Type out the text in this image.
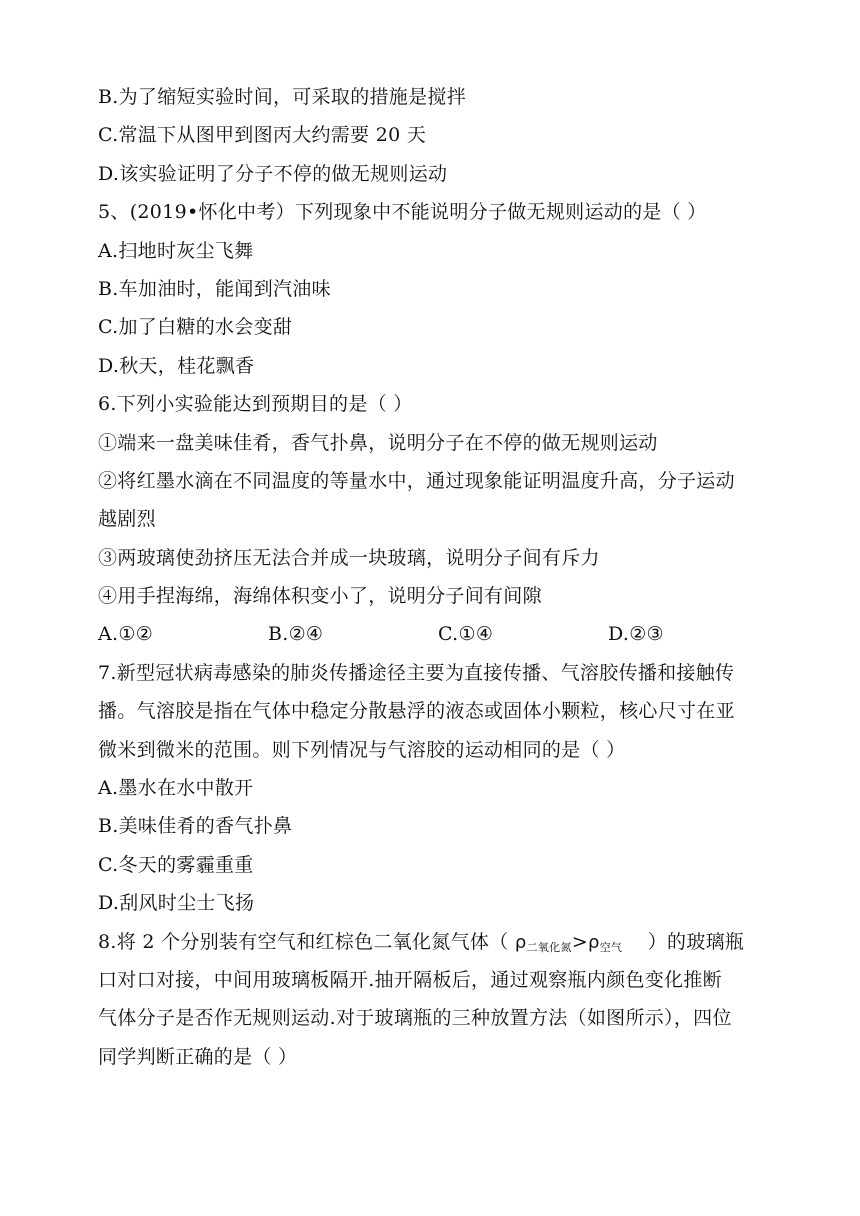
B.为了缩短实验时间，可采取的措施是搅拌
C.常温下从图甲到图丙大约需要 20 天
D.该实验证明了分子不停的做无规则运动
5、(2019•怀化中考）下列现象中不能说明分子做无规则运动的是（ ）
A.扫地时灰尘飞舞
B.车加油时，能闻到汽油味
C.加了白糖的水会变甜
D.秋天，桂花飘香
6.下列小实验能达到预期目的是（ ）
①端来一盘美味佳肴，香气扑鼻，说明分子在不停的做无规则运动
②将红墨水滴在不同温度的等量水中，通过现象能证明温度升高，分子运动
越剧烈
③两玻璃使劲挤压无法合并成一块玻璃，说明分子间有斥力
④用手捏海绵，海绵体积变小了，说明分子间有间隙
A.①②	B.②④	C.①④	D.②③
7.新型冠状病毒感染的肺炎传播途径主要为直接传播、气溶胶传播和接触传
播。气溶胶是指在气体中稳定分散悬浮的液态或固体小颗粒，核心尺寸在亚
微米到微米的范围。则下列情况与气溶胶的运动相同的是（ ）
A.墨水在水中散开
B.美味佳肴的香气扑鼻
C.冬天的雾霾重重
D.刮风时尘士飞扬
8.将 2 个分别装有空气和红棕色二氧化氮气体（ $\rho_{二氧化氮}>\rho_{空气}$    ）的玻璃瓶
口对口对接，中间用玻璃板隔开.抽开隔板后，通过观察瓶内颜色变化推断
气体分子是否作无规则运动.对于玻璃瓶的三种放置方法（如图所示），四位
同学判断正确的是（ ）
